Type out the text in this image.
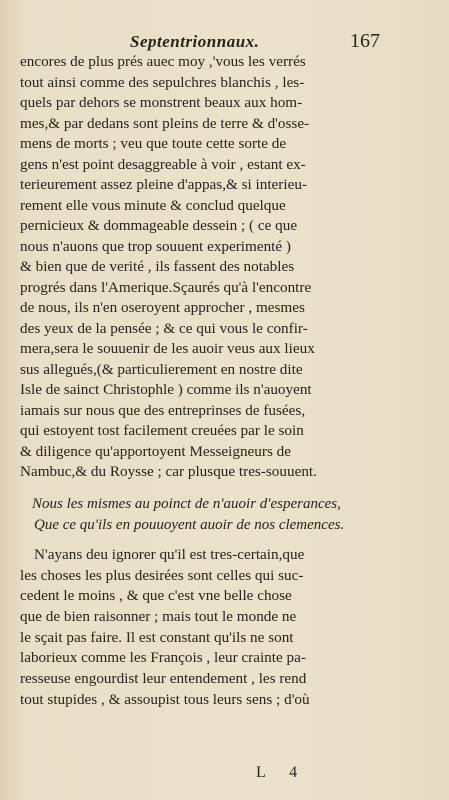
Septentrionnaux.	167
encores de plus prés auec moy ,'vous les verrés
tout ainsi comme des sepulchres blanchis , les-
quels par dehors se monstrent beaux aux hom-
mes,& par dedans sont pleins de terre & d'osse-
mens de morts ; veu que toute cette sorte de
gens n'est point desaggreable à voir , estant ex-
terieurement assez pleine d'appas,& si interieu-
rement elle vous minute & conclud quelque
pernicieux & dommageable dessein ; ( ce que
nous n'auons que trop souuent experimenté )
& bien que de verité , ils fassent des notables
progrés dans l'Amerique.Sçaurés qu'à l'encontre
de nous, ils n'en oseroyent approcher , mesmes
des yeux de la pensée ; & ce qui vous le confir-
mera,sera le souuenir de les auoir veus aux lieux
sus allegués,(& particulierement en nostre dite
Isle de sainct Christophle ) comme ils n'auoyent
iamais sur nous que des entreprinses de fusées,
qui estoyent tost facilement creuées par le soin
& diligence qu'apportoyent Messeigneurs de
Nambuc,& du Roysse ; car plusque tres-souuent.
Nous les mismes au poinct de n'auoir d'esperances,
Que ce qu'ils en pouuoyent auoir de nos clemences.
N'ayans deu ignorer qu'il est tres-certain,que
les choses les plus desirées sont celles qui suc-
cedent le moins , & que c'est vne belle chose
que de bien raisonner ; mais tout le monde ne
le sçait pas faire. Il est constant qu'ils ne sont
laborieux comme les François , leur crainte pa-
resseuse engourdist leur entendement , les rend
tout stupides , & assoupist tous leurs sens ; d'où
L 4
